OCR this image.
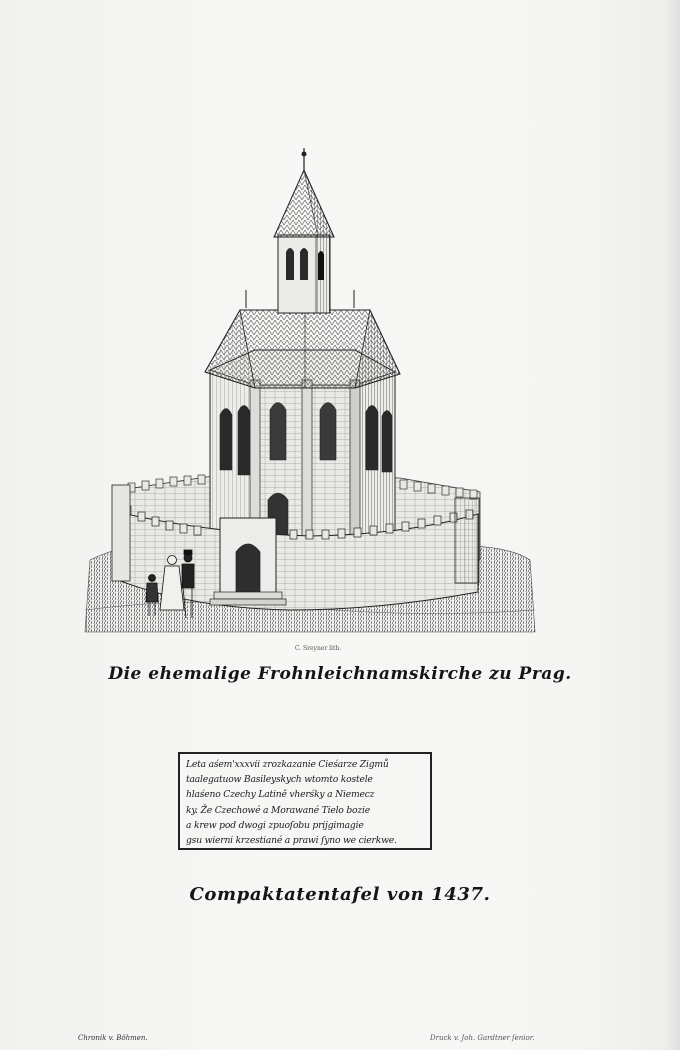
C. Sreyner lith.
Die ehemalige Frohnleichnamskirche zu Prag.
Leta aśem'xxxvii zrozkazanie Cieśarze Zigmů
taalegatuow Basileyskych wtomto kostele
hlaśeno Czechy Latině vherśky a Niemecz
ky. Že Czechowé a Morawané Tielo bozie
a krew pod dwogi zpuoſobu prijgimagie
gsu wierni krzestiané a prawi ſyno we cierkwe.
Compaktatentafel von 1437.
Chronik v. Böhmen.	Druck v. Joh. Gardtner ſenior.
